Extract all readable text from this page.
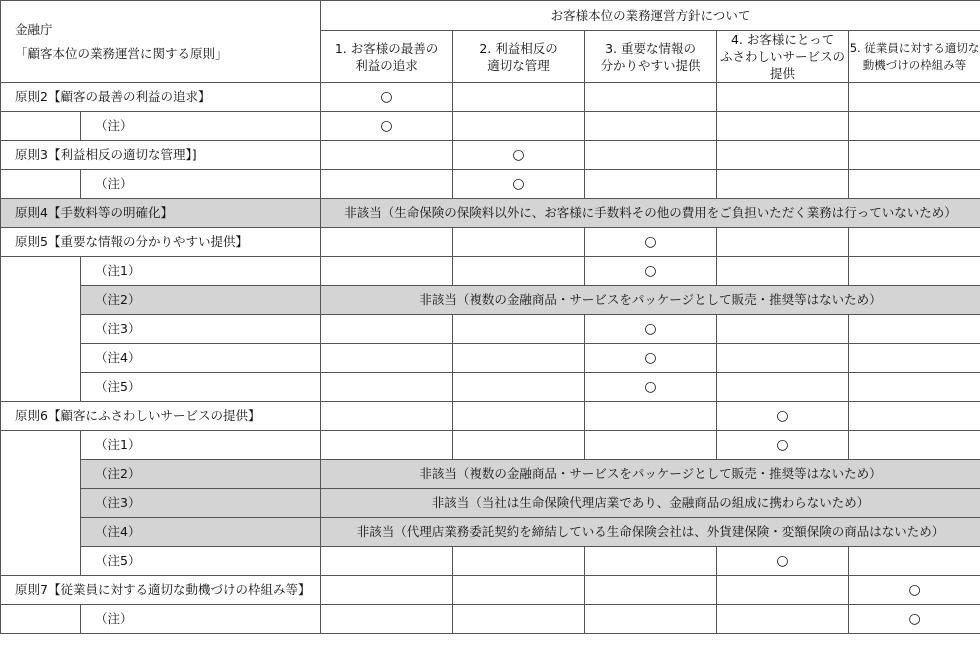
金融庁
「顧客本位の業務運営に関する原則」		お客様本位の業務運営方針について				
		1. お客様の最善の
利益の追求	2. 利益相反の
適切な管理	3. 重要な情報の
分かりやすい提供	4. お客様にとって
ふさわしいサービスの提供	5. 従業員に対する適切な
動機づけの枠組み等
原則2【顧客の最善の利益の追求】		○				
	（注）	○				
原則3【利益相反の適切な管理】]			○			
	（注）		○			
原則4【手数料等の明確化】		非該当（生命保険の保険料以外に、お客様に手数料その他の費用をご負担いただく業務は行っていないため）				
原則5【重要な情報の分かりやすい提供】				○		
	（注1）			○		
	（注2）	非該当（複数の金融商品・サービスをパッケージとして販売・推奨等はないため）				
	（注3）			○		
	（注4）			○		
	（注5）			○		
原則6【顧客にふさわしいサービスの提供】					○	
	（注1）				○	
	（注2）	非該当（複数の金融商品・サービスをパッケージとして販売・推奨等はないため）				
	（注3）	非該当（当社は生命保険代理店業であり、金融商品の組成に携わらないため）				
	（注4）	非該当（代理店業務委託契約を締結している生命保険会社は、外貨建保険・変額保険の商品はないため）				
	（注5）				○	
原則7【従業員に対する適切な動機づけの枠組み等】						○
	（注）					○
